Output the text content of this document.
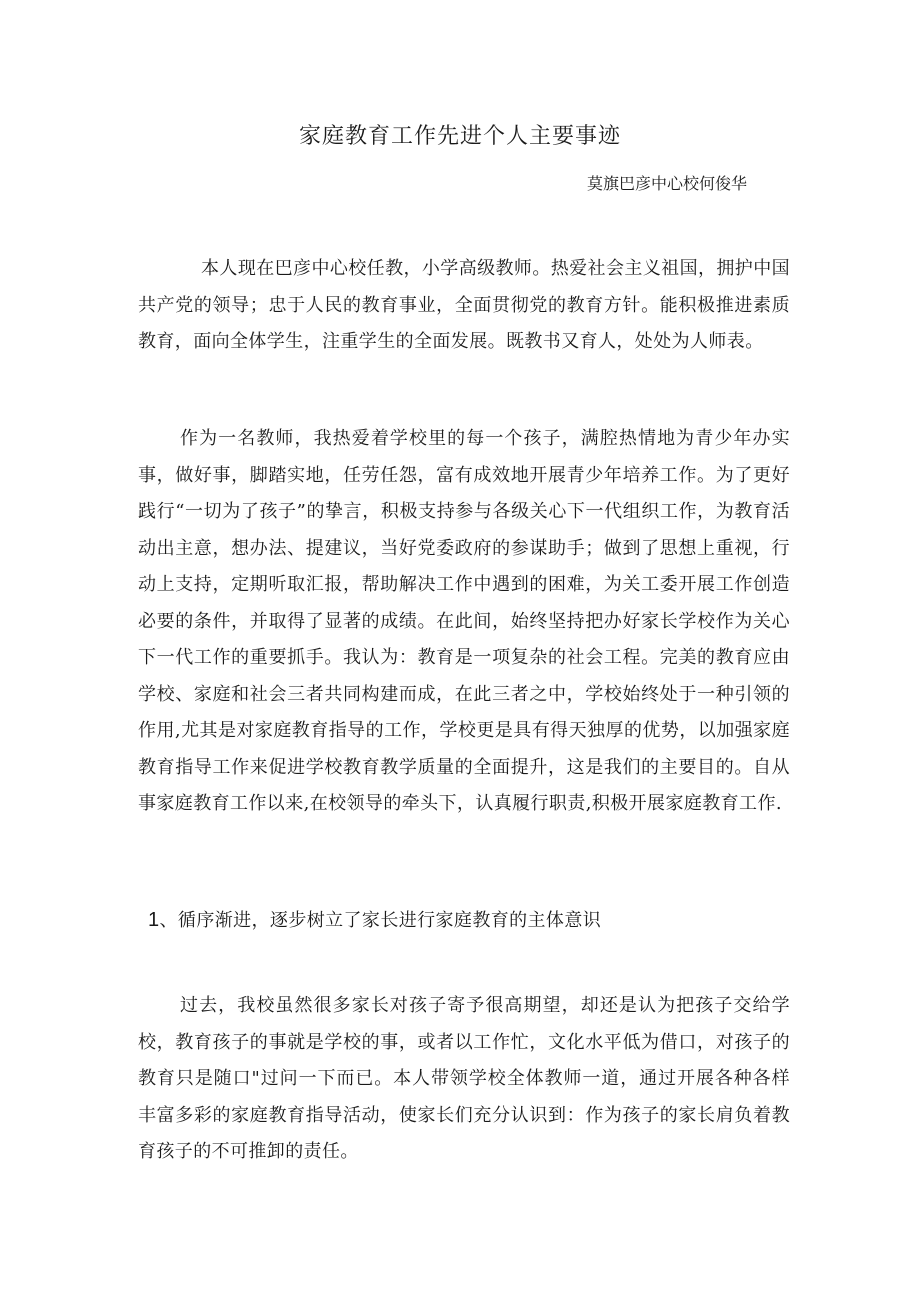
家庭教育工作先进个人主要事迹
莫旗巴彦中心校何俊华

本人现在巴彦中心校任教，小学高级教师。热爱社会主义祖国，拥护中国共产党的领导；忠于人民的教育事业，全面贯彻党的教育方针。能积极推进素质教育，面向全体学生，注重学生的全面发展。既教书又育人，处处为人师表。

作为一名教师，我热爱着学校里的每一个孩子，满腔热情地为青少年办实事，做好事，脚踏实地，任劳任怨，富有成效地开展青少年培养工作。为了更好践行“一切为了孩子”的挚言，积极支持参与各级关心下一代组织工作，为教育活动出主意，想办法、提建议，当好党委政府的参谋助手；做到了思想上重视，行动上支持，定期听取汇报，帮助解决工作中遇到的困难，为关工委开展工作创造必要的条件，并取得了显著的成绩。在此间，始终坚持把办好家长学校作为关心下一代工作的重要抓手。我认为：教育是一项复杂的社会工程。完美的教育应由学校、家庭和社会三者共同构建而成，在此三者之中，学校始终处于一种引领的作用,尤其是对家庭教育指导的工作，学校更是具有得天独厚的优势，以加强家庭教育指导工作来促进学校教育教学质量的全面提升，这是我们的主要目的。自从事家庭教育工作以来,在校领导的牵头下，认真履行职责,积极开展家庭教育工作.

1、循序渐进，逐步树立了家长进行家庭教育的主体意识

过去，我校虽然很多家长对孩子寄予很高期望，却还是认为把孩子交给学校，教育孩子的事就是学校的事，或者以工作忙，文化水平低为借口，对孩子的教育只是随口"过问一下而已。本人带领学校全体教师一道，通过开展各种各样丰富多彩的家庭教育指导活动，使家长们充分认识到：作为孩子的家长肩负着教育孩子的不可推卸的责任。
